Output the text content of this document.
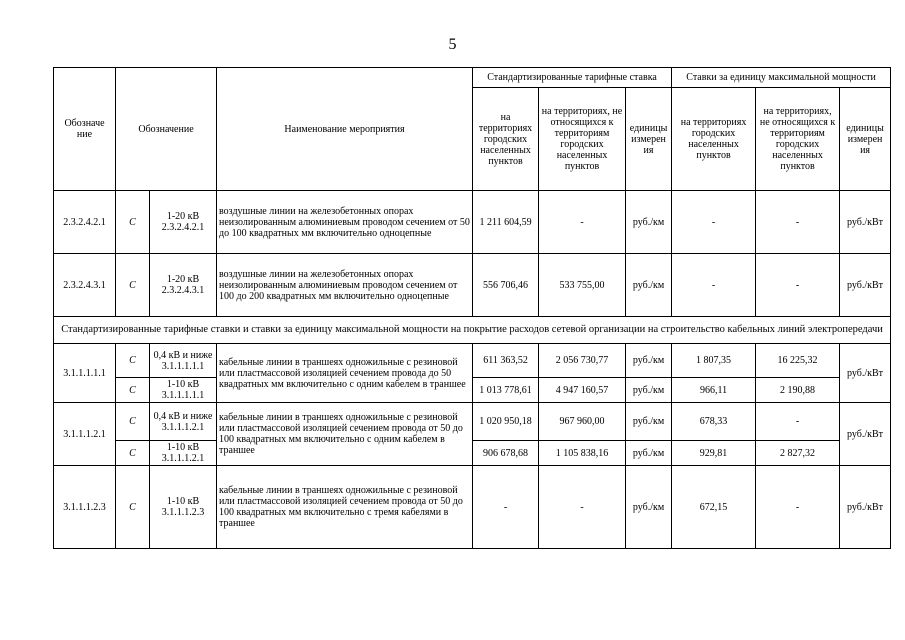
5
Обозначе ние	Обозначение		Наименование мероприятия	Стандартизированные тарифные ставка			Ставки за единицу максимальной мощности		
				на территориях городских населенных пунктов	на территориях, не относящихся к территориям городских населенных пунктов	единицы измерен ия	на территориях городских населенных пунктов	на территориях, не относящихся к территориям городских населенных пунктов	единицы измерен ия
2.3.2.4.2.1	С	1-20 кВ 2.3.2.4.2.1	воздушные линии на железобетонных опорах неизолированным алюминиевым проводом сечением от 50 до 100 квадратных мм включительно одноцепные	1 211 604,59	-	руб./км	-	-	руб./кВт
2.3.2.4.3.1	С	1-20 кВ 2.3.2.4.3.1	воздушные линии на железобетонных опорах неизолированным алюминиевым проводом сечением от 100 до 200 квадратных мм включительно одноцепные	556 706,46	533 755,00	руб./км	-	-	руб./кВт
Стандартизированные тарифные ставки и ставки за единицу максимальной мощности на покрытие расходов сетевой организации на строительство кабельных линий электропередачи									
3.1.1.1.1.1	С	0,4 кВ и ниже 3.1.1.1.1.1	кабельные линии в траншеях одножильные с резиновой или пластмассовой изоляцией сечением провода до 50 квадратных мм включительно с одним кабелем в траншее	611 363,52	2 056 730,77	руб./км	1 807,35	16 225,32	руб./кВт
	С	1-10 кВ 3.1.1.1.1.1		1 013 778,61	4 947 160,57	руб./км	966,11	2 190,88	
3.1.1.1.2.1	С	0,4 кВ и ниже 3.1.1.1.2.1	кабельные линии в траншеях одножильные с резиновой или пластмассовой изоляцией сечением провода от 50 до 100 квадратных мм включительно с одним кабелем в траншее	1 020 950,18	967 960,00	руб./км	678,33	-	руб./кВт
	С	1-10 кВ 3.1.1.1.2.1		906 678,68	1 105 838,16	руб./км	929,81	2 827,32	
3.1.1.1.2.3	С	1-10 кВ 3.1.1.1.2.3	кабельные линии в траншеях одножильные с резиновой или пластмассовой изоляцией сечением провода от 50 до 100 квадратных мм включительно с тремя кабелями в траншее	-	-	руб./км	672,15	-	руб./кВт
